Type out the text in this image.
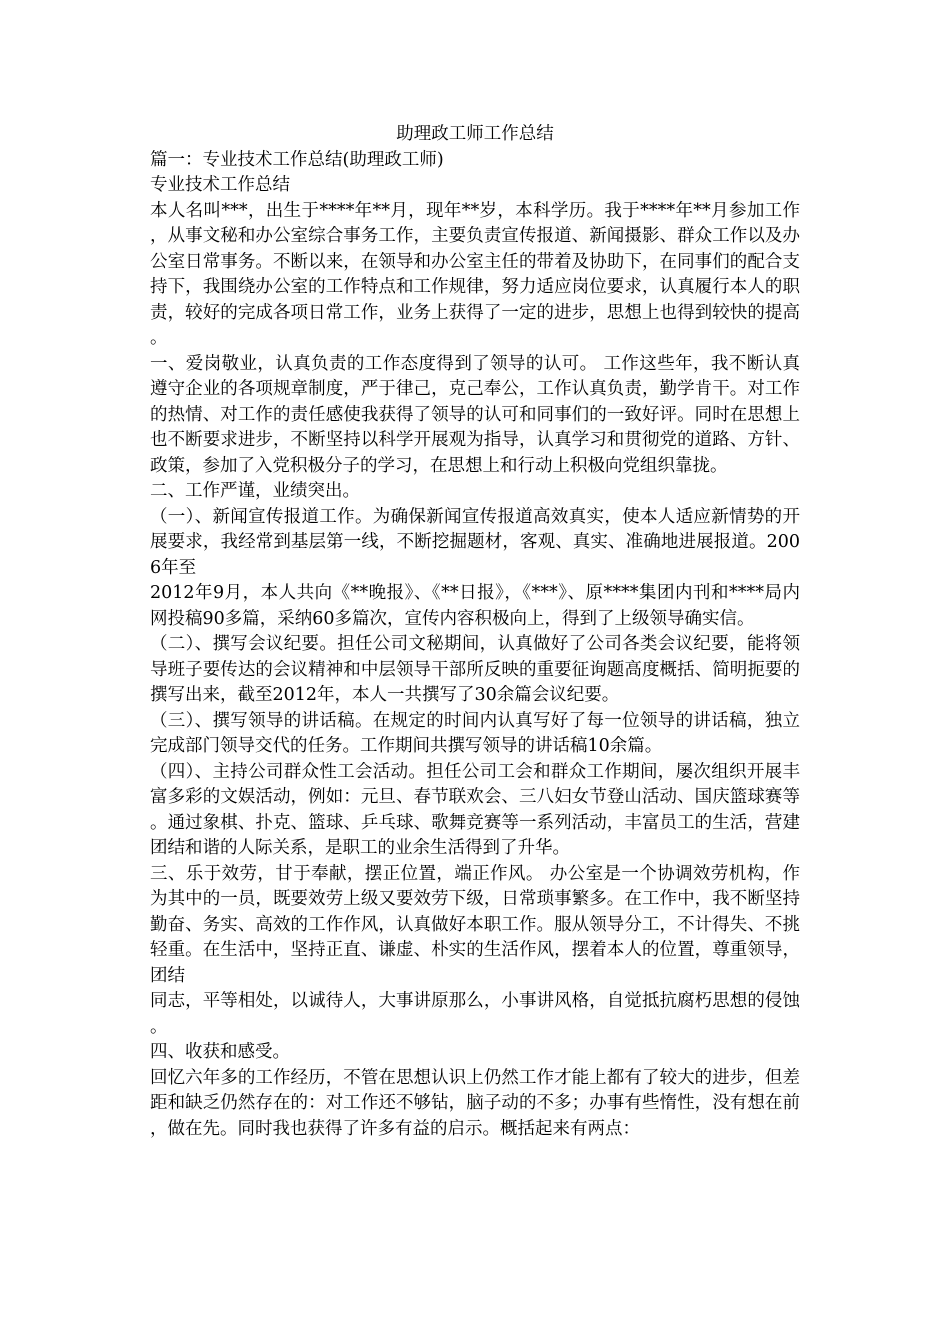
助理政工师工作总结

篇一：专业技术工作总结(助理政工师)

专业技术工作总结

本人名叫***，出生于****年**月，现年**岁，本科学历。我于****年**月参加工作，从事文秘和办公室综合事务工作，主要负责宣传报道、新闻摄影、群众工作以及办公室日常事务。不断以来，在领导和办公室主任的带着及协助下，在同事们的配合支持下，我围绕办公室的工作特点和工作规律，努力适应岗位要求，认真履行本人的职责，较好的完成各项日常工作，业务上获得了一定的进步，思想上也得到较快的提高。

一、爱岗敬业，认真负责的工作态度得到了领导的认可。 工作这些年，我不断认真遵守企业的各项规章制度，严于律己，克己奉公，工作认真负责，勤学肯干。对工作的热情、对工作的责任感使我获得了领导的认可和同事们的一致好评。同时在思想上也不断要求进步，不断坚持以科学开展观为指导，认真学习和贯彻党的道路、方针、政策，参加了入党积极分子的学习，在思想上和行动上积极向党组织靠拢。

二、工作严谨，业绩突出。

（一）、新闻宣传报道工作。为确保新闻宣传报道高效真实，使本人适应新情势的开展要求，我经常到基层第一线，不断挖掘题材，客观、真实、准确地进展报道。2006年至

2012年9月，本人共向《**晚报》、《**日报》，《***》、原****集团内刊和****局内网投稿90多篇，采纳60多篇次，宣传内容积极向上，得到了上级领导确实信。

（二）、撰写会议纪要。担任公司文秘期间，认真做好了公司各类会议纪要，能将领导班子要传达的会议精神和中层领导干部所反映的重要征询题高度概括、简明扼要的撰写出来，截至2012年，本人一共撰写了30余篇会议纪要。

（三）、撰写领导的讲话稿。在规定的时间内认真写好了每一位领导的讲话稿，独立完成部门领导交代的任务。工作期间共撰写领导的讲话稿10余篇。

（四）、主持公司群众性工会活动。担任公司工会和群众工作期间，屡次组织开展丰富多彩的文娱活动，例如：元旦、春节联欢会、三八妇女节登山活动、国庆篮球赛等。通过象棋、扑克、篮球、乒乓球、歌舞竞赛等一系列活动，丰富员工的生活，营建团结和谐的人际关系，是职工的业余生活得到了升华。

三、乐于效劳，甘于奉献，摆正位置，端正作风。 办公室是一个协调效劳机构，作为其中的一员，既要效劳上级又要效劳下级，日常琐事繁多。在工作中，我不断坚持勤奋、务实、高效的工作作风，认真做好本职工作。服从领导分工，不计得失、不挑轻重。在生活中，坚持正直、谦虚、朴实的生活作风，摆着本人的位置，尊重领导，团结

同志，平等相处，以诚待人，大事讲原那么，小事讲风格，自觉抵抗腐朽思想的侵蚀。

四、收获和感受。

回忆六年多的工作经历，不管在思想认识上仍然工作才能上都有了较大的进步，但差距和缺乏仍然存在的：对工作还不够钻，脑子动的不多；办事有些惰性，没有想在前，做在先。同时我也获得了许多有益的启示。概括起来有两点：
